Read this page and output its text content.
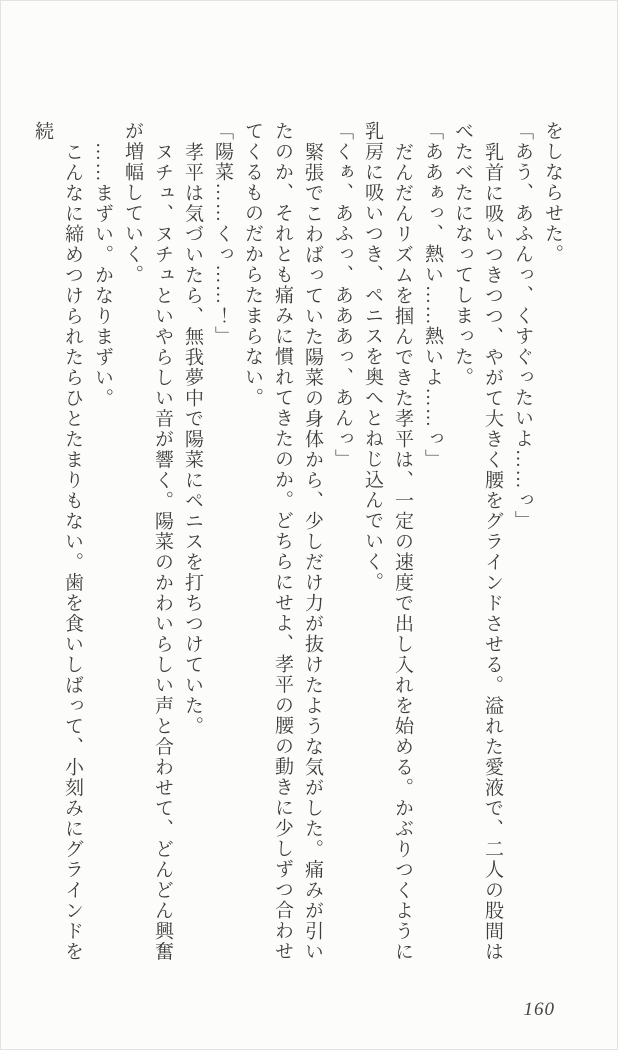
をしならせた。

「あう、あふんっ、くすぐったいよ……っ」

乳首に吸いつきつつ、やがて大きく腰をグラインドさせる。溢れた愛液で、二人の股間はべたべたになってしまった。

「ああぁっ、熱い……熱いよ……っ」

だんだんリズムを掴んできた孝平は、一定の速度で出し入れを始める。かぶりつくように乳房に吸いつき、ペニスを奥へとねじ込んでいく。

「くぁ、あふっ、あああっ、あんっ」

緊張でこわばっていた陽菜の身体から、少しだけ力が抜けたような気がした。痛みが引いたのか、それとも痛みに慣れてきたのか。どちらにせよ、孝平の腰の動きに少しずつ合わせてくるものだからたまらない。

「陽菜……くっ……！」

孝平は気づいたら、無我夢中で陽菜にペニスを打ちつけていた。

ヌチュ、ヌチュといやらしい音が響く。陽菜のかわいらしい声と合わせて、どんどん興奮が増幅していく。

……まずい。かなりまずい。

こんなに締めつけられたらひとたまりもない。歯を食いしばって、小刻みにグラインドを続

160
